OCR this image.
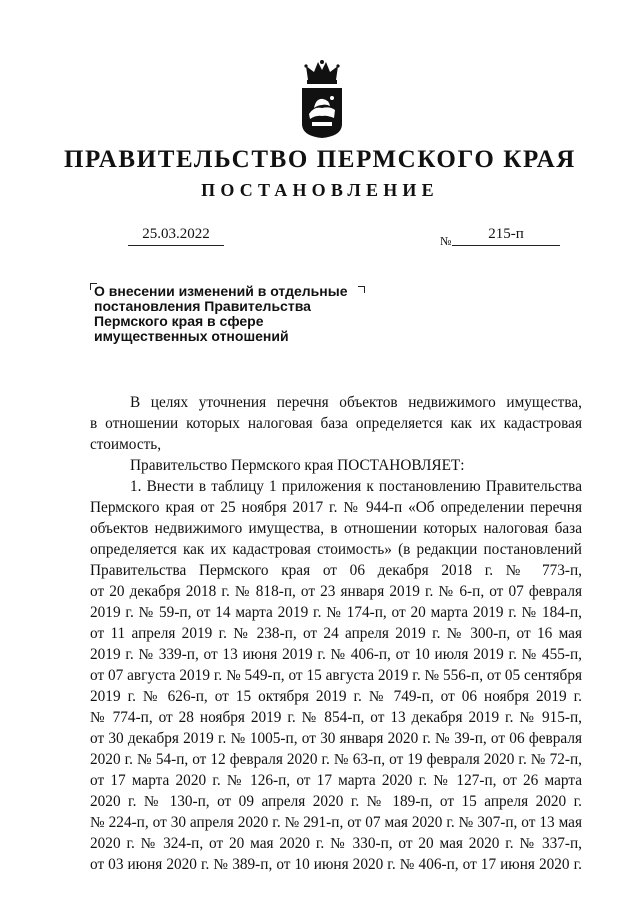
ПРАВИТЕЛЬСТВО ПЕРМСКОГО КРАЯ
ПОСТАНОВЛЕНИЕ
25.03.2022	№	215-п
О внесении изменений в отдельные
постановления Правительства
Пермского края в сфере
имущественных отношений
В целях уточнения перечня объектов недвижимого имущества,
в отношении которых налоговая база определяется как их кадастровая
стоимость,
Правительство Пермского края ПОСТАНОВЛЯЕТ:
1. Внести в таблицу 1 приложения к постановлению Правительства
Пермского края от 25 ноября 2017 г. № 944-п «Об определении перечня
объектов недвижимого имущества, в отношении которых налоговая база
определяется как их кадастровая стоимость» (в редакции постановлений
Правительства Пермского края от 06 декабря 2018 г. № 773-п,
от 20 декабря 2018 г. № 818-п, от 23 января 2019 г. № 6-п, от 07 февраля
2019 г. № 59-п, от 14 марта 2019 г. № 174-п, от 20 марта 2019 г. № 184-п,
от 11 апреля 2019 г. № 238-п, от 24 апреля 2019 г. № 300-п, от 16 мая
2019 г. № 339-п, от 13 июня 2019 г. № 406-п, от 10 июля 2019 г. № 455-п,
от 07 августа 2019 г. № 549-п, от 15 августа 2019 г. № 556-п, от 05 сентября
2019 г. № 626-п, от 15 октября 2019 г. № 749-п, от 06 ноября 2019 г.
№ 774-п, от 28 ноября 2019 г. № 854-п, от 13 декабря 2019 г. № 915-п,
от 30 декабря 2019 г. № 1005-п, от 30 января 2020 г. № 39-п, от 06 февраля
2020 г. № 54-п, от 12 февраля 2020 г. № 63-п, от 19 февраля 2020 г. № 72-п,
от 17 марта 2020 г. № 126-п, от 17 марта 2020 г. № 127-п, от 26 марта
2020 г. № 130-п, от 09 апреля 2020 г. № 189-п, от 15 апреля 2020 г.
№ 224-п, от 30 апреля 2020 г. № 291-п, от 07 мая 2020 г. № 307-п, от 13 мая
2020 г. № 324-п, от 20 мая 2020 г. № 330-п, от 20 мая 2020 г. № 337-п,
от 03 июня 2020 г. № 389-п, от 10 июня 2020 г. № 406-п, от 17 июня 2020 г.
